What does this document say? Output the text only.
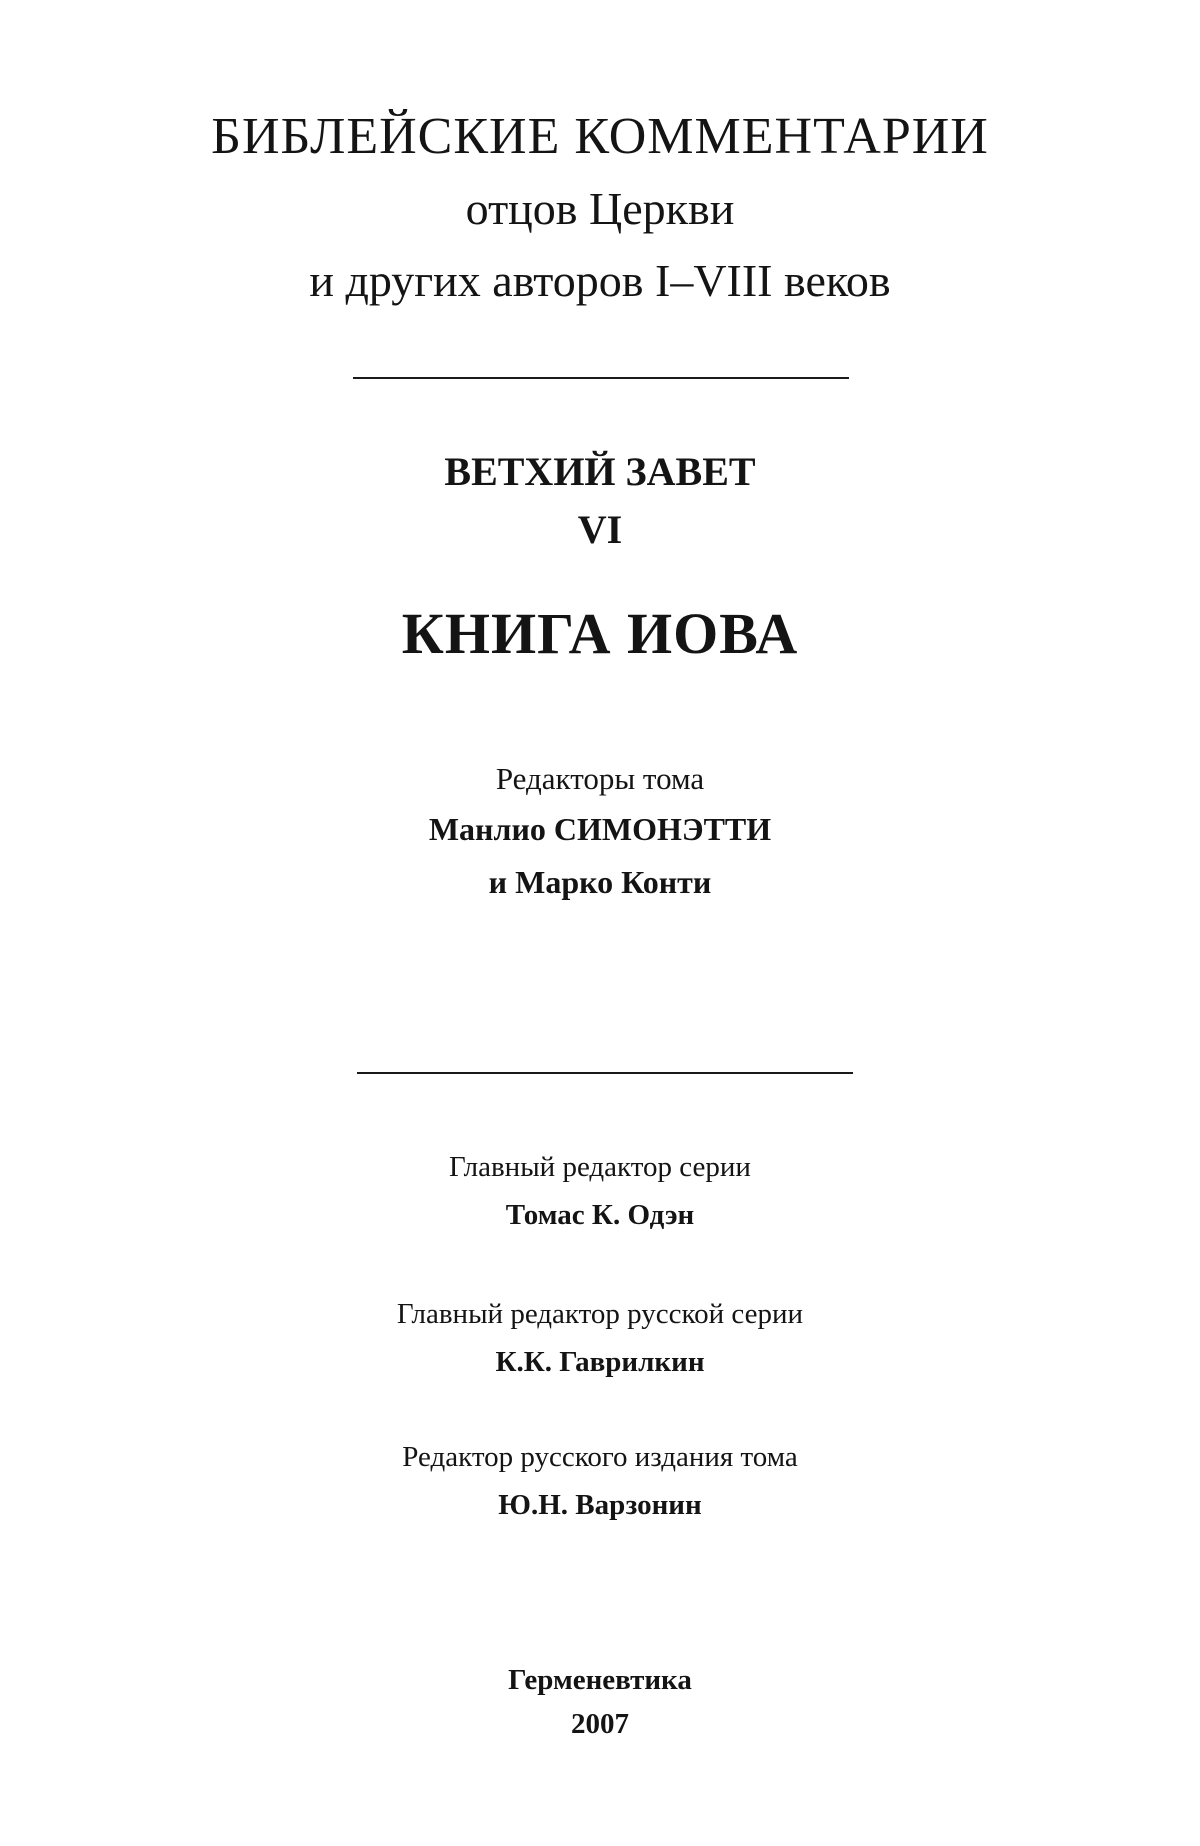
БИБЛЕЙСКИЕ КОММЕНТАРИИ
отцов Церкви
и других авторов I–VIII веков
ВЕТХИЙ ЗАВЕТ
VI
КНИГА ИОВА
Редакторы тома
Манлио СИМОНЭТТИ
и Марко Конти
Главный редактор серии
Томас К. Одэн
Главный редактор русской серии
К.К. Гаврилкин
Редактор русского издания тома
Ю.Н. Варзонин
Герменевтика
2007
